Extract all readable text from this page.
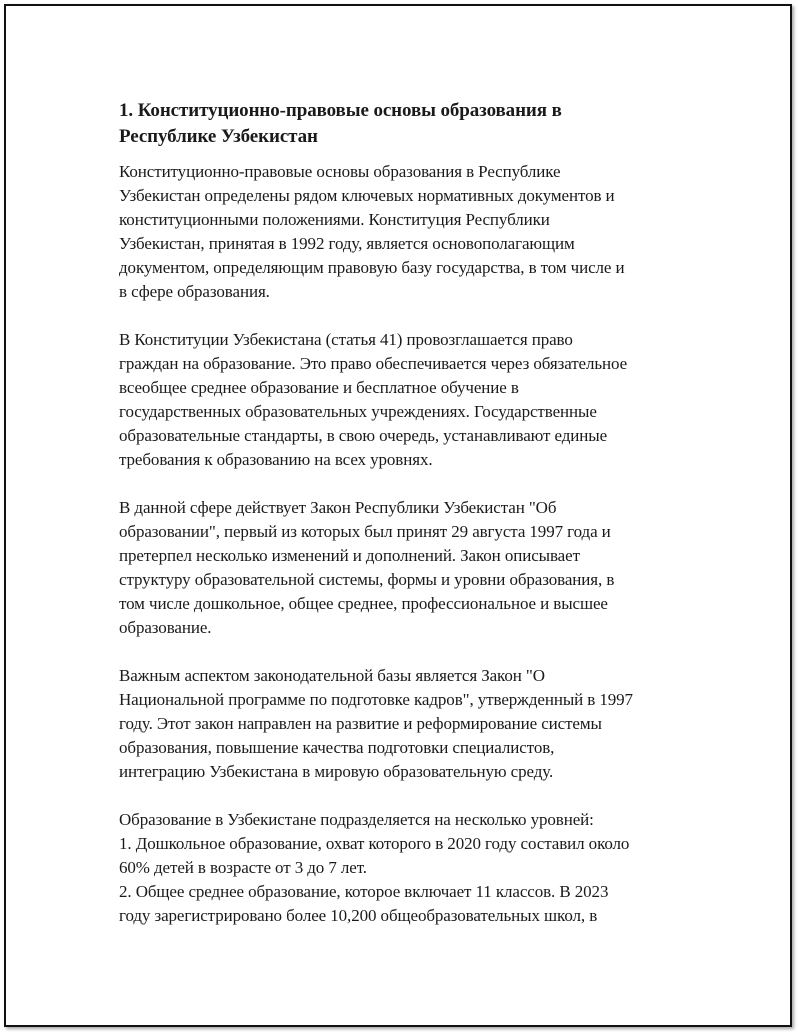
1. Конституционно-правовые основы образования в
Республике Узбекистан
Конституционно-правовые основы образования в Республике
Узбекистан определены рядом ключевых нормативных документов и
конституционными положениями. Конституция Республики
Узбекистан, принятая в 1992 году, является основополагающим
документом, определяющим правовую базу государства, в том числе и
в сфере образования.
В Конституции Узбекистана (статья 41) провозглашается право
граждан на образование. Это право обеспечивается через обязательное
всеобщее среднее образование и бесплатное обучение в
государственных образовательных учреждениях. Государственные
образовательные стандарты, в свою очередь, устанавливают единые
требования к образованию на всех уровнях.
В данной сфере действует Закон Республики Узбекистан "Об
образовании", первый из которых был принят 29 августа 1997 года и
претерпел несколько изменений и дополнений. Закон описывает
структуру образовательной системы, формы и уровни образования, в
том числе дошкольное, общее среднее, профессиональное и высшее
образование.
Важным аспектом законодательной базы является Закон "О
Национальной программе по подготовке кадров", утвержденный в 1997
году. Этот закон направлен на развитие и реформирование системы
образования, повышение качества подготовки специалистов,
интеграцию Узбекистана в мировую образовательную среду.
Образование в Узбекистане подразделяется на несколько уровней:
1. Дошкольное образование, охват которого в 2020 году составил около
60% детей в возрасте от 3 до 7 лет.
2. Общее среднее образование, которое включает 11 классов. В 2023
году зарегистрировано более 10,200 общеобразовательных школ, в
